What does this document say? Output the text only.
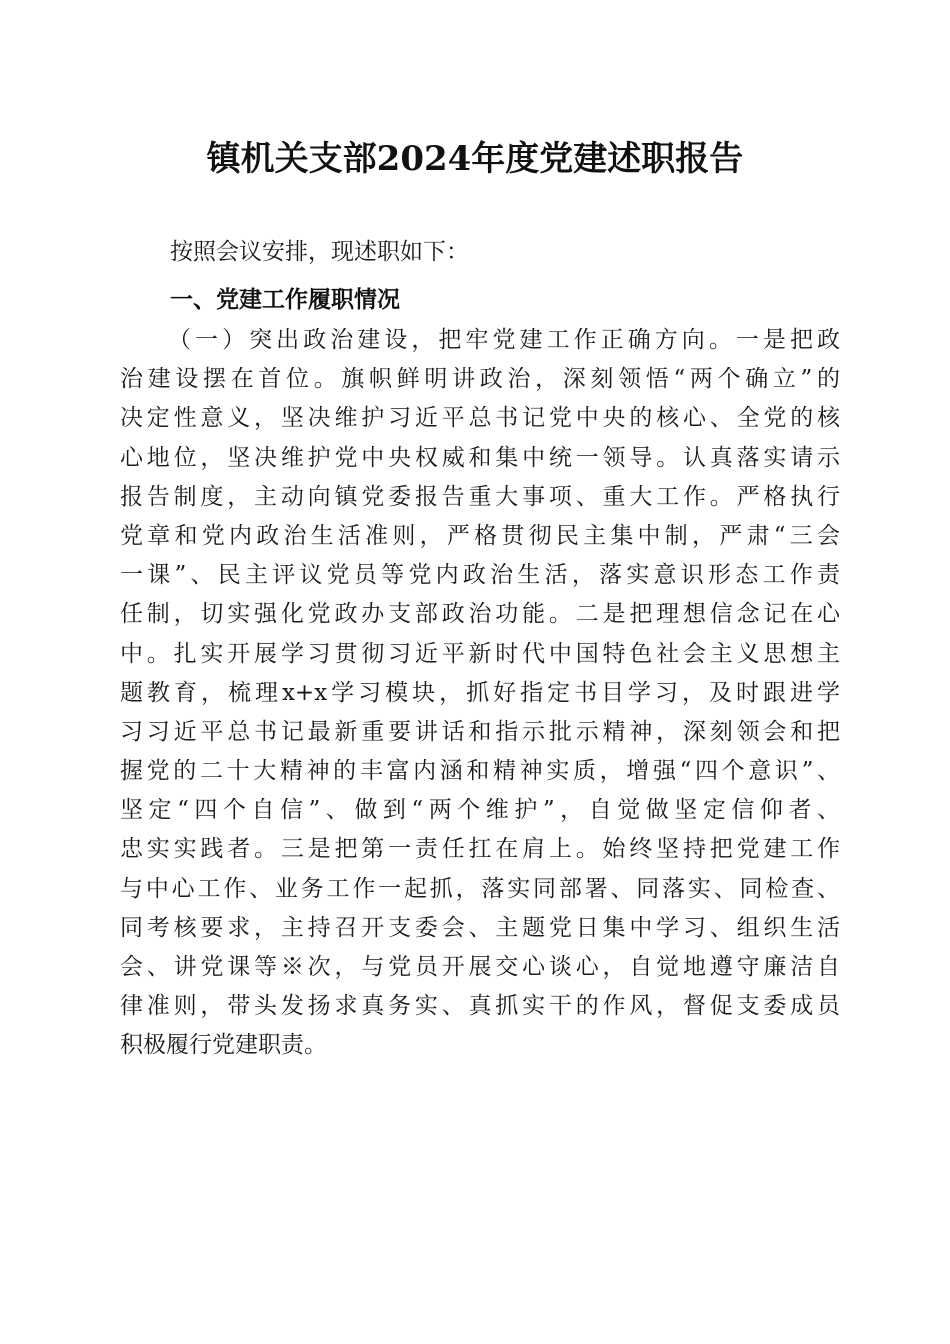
镇机关支部2024年度党建述职报告
按照会议安排，现述职如下：
一、党建工作履职情况
（一）突出政治建设，把牢党建工作正确方向。一是把政
治建设摆在首位。旗帜鲜明讲政治，深刻领悟“两个确立”的
决定性意义，坚决维护习近平总书记党中央的核心、全党的核
心地位，坚决维护党中央权威和集中统一领导。认真落实请示
报告制度，主动向镇党委报告重大事项、重大工作。严格执行
党章和党内政治生活准则，严格贯彻民主集中制，严肃“三会
一课”、民主评议党员等党内政治生活，落实意识形态工作责
任制，切实强化党政办支部政治功能。二是把理想信念记在心
中。扎实开展学习贯彻习近平新时代中国特色社会主义思想主
题教育，梳理x+x学习模块，抓好指定书目学习，及时跟进学
习习近平总书记最新重要讲话和指示批示精神，深刻领会和把
握党的二十大精神的丰富内涵和精神实质，增强“四个意识”、
坚定“四个自信”、做到“两个维护”，自觉做坚定信仰者、
忠实实践者。三是把第一责任扛在肩上。始终坚持把党建工作
与中心工作、业务工作一起抓，落实同部署、同落实、同检查、
同考核要求，主持召开支委会、主题党日集中学习、组织生活
会、讲党课等※次，与党员开展交心谈心，自觉地遵守廉洁自
律准则，带头发扬求真务实、真抓实干的作风，督促支委成员
积极履行党建职责。
